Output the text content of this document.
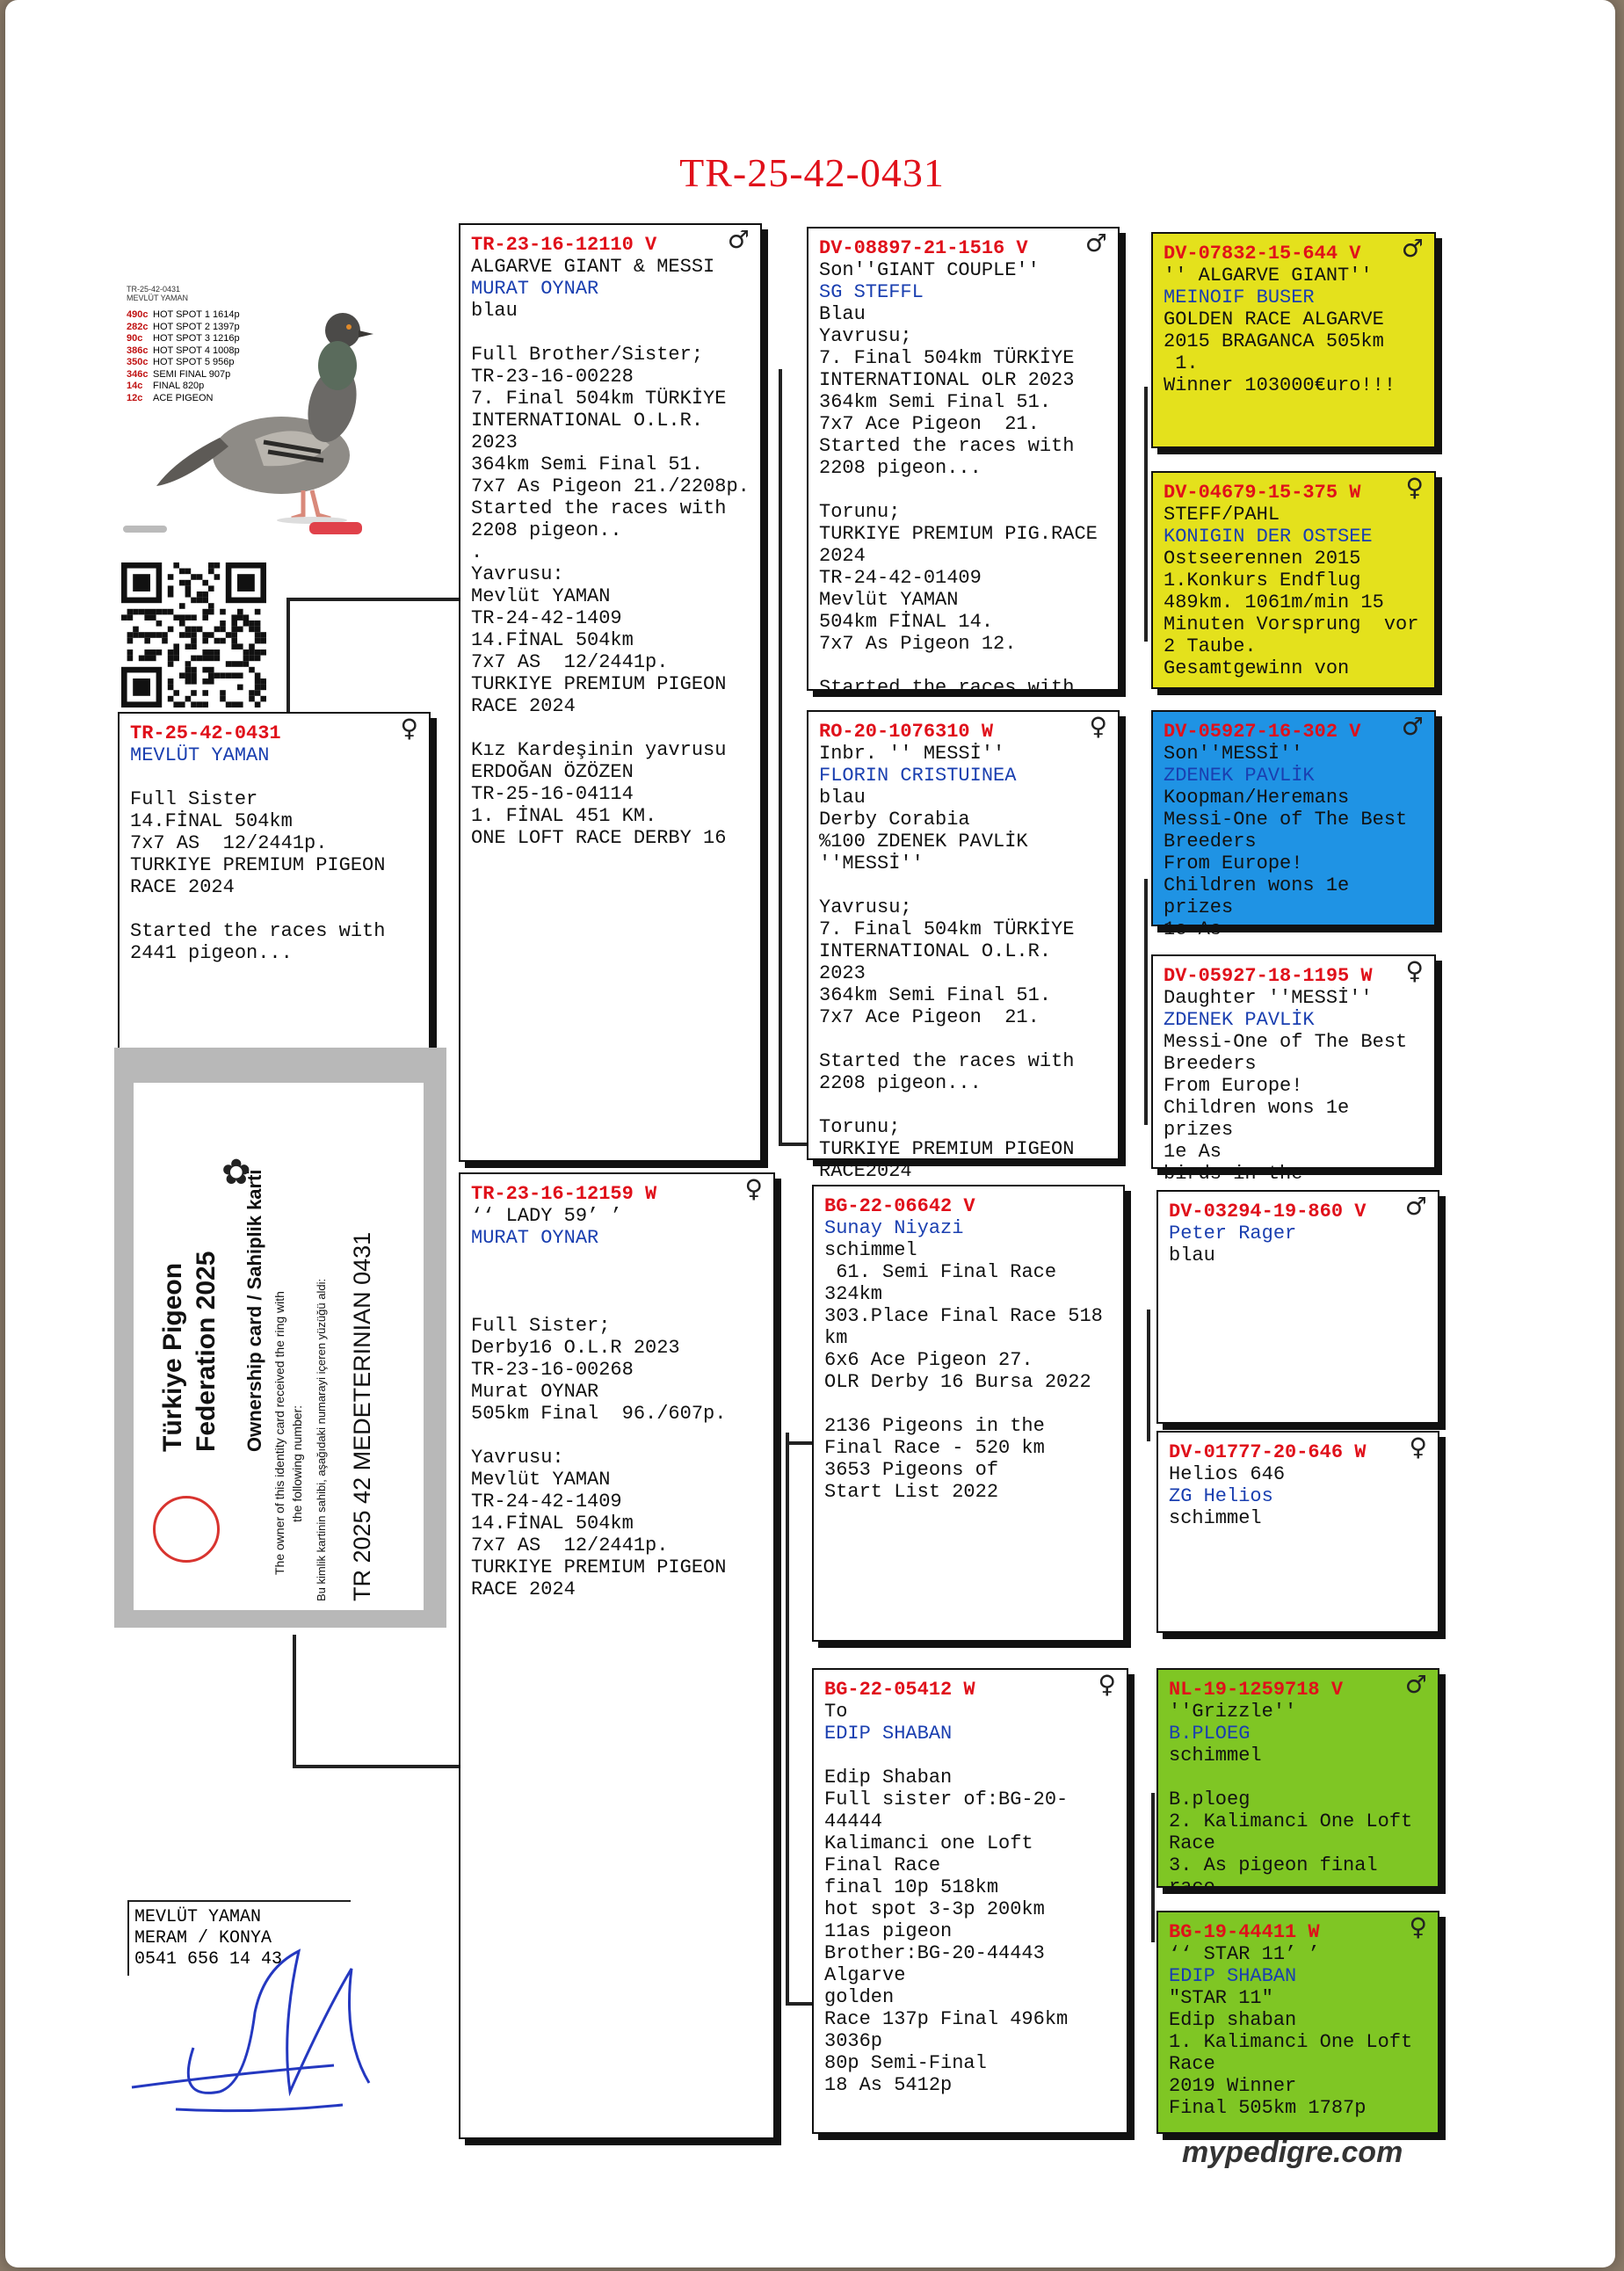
TR-25-42-0431
TR-25-42-0431
MEVLÜT YAMAN
490c HOT SPOT 1 1614p
282c HOT SPOT 2 1397p
90c HOT SPOT 3 1216p
386c HOT SPOT 4 1008p
350c HOT SPOT 5 956p
346c SEMI FINAL 907p
14c FINAL 820p
12c ACE PIGEON
TR-25-42-0431	♀
MEVLÜT YAMAN
Full Sister
14.FİNAL 504km
7x7 AS  12/2441p.
TURKIYE PREMIUM PIGEON
RACE 2024
Started the races with
2441 pigeon...
TR-23-16-12110 V	♂
ALGARVE GIANT & MESSI
MURAT OYNAR
blau
Full Brother/Sister;
TR-23-16-00228
7. Final 504km TÜRKİYE
INTERNATIONAL O.L.R. 2023
364km Semi Final 51.
7x7 As Pigeon 21./2208p.
Started the races with
2208 pigeon..
.
Yavrusu:
Mevlüt YAMAN
TR-24-42-1409
14.FİNAL 504km
7x7 AS  12/2441p.
TURKIYE PREMIUM PIGEON
RACE 2024
Kız Kardeşinin yavrusu
ERDOĞAN ÖZÖZEN
TR-25-16-04114
1. FİNAL 451 KM.
ONE LOFT RACE DERBY 16
TR-23-16-12159 W	♀
‘‘ LADY 59’ ’
MURAT OYNAR
Full Sister;
Derby16 O.L.R 2023
TR-23-16-00268
Murat OYNAR
505km Final  96./607p.
Yavrusu:
Mevlüt YAMAN
TR-24-42-1409
14.FİNAL 504km
7x7 AS  12/2441p.
TURKIYE PREMIUM PIGEON
RACE 2024
DV-08897-21-1516 V	♂
Son''GIANT COUPLE''
SG STEFFL
Blau
Yavrusu;
7. Final 504km TÜRKİYE
INTERNATIONAL OLR 2023
364km Semi Final 51.
7x7 Ace Pigeon  21.
Started the races with
2208 pigeon...
Torunu;
TURKIYE PREMIUM PIG.RACE 2024
TR-24-42-01409
Mevlüt YAMAN
504km FİNAL 14.
7x7 As Pigeon 12.
Started the races with
RO-20-1076310 W	♀
Inbr. '' MESSİ''
FLORIN CRISTUINEA
blau
Derby Corabia
%100 ZDENEK PAVLİK
''MESSİ''
Yavrusu;
7. Final 504km TÜRKİYE
INTERNATIONAL O.L.R. 2023
364km Semi Final 51.
7x7 Ace Pigeon  21.
Started the races with
2208 pigeon...
Torunu;
TURKIYE PREMIUM PIGEON
RACE2024
BG-22-06642 V
Sunay Niyazi
schimmel
61. Semi Final Race 324km
303.Place Final Race 518
km
6x6 Ace Pigeon 27.
OLR Derby 16 Bursa 2022
2136 Pigeons in the
Final Race - 520 km
3653 Pigeons of
Start List 2022
BG-22-05412 W	♀
To
EDIP SHABAN
Edip Shaban
Full sister of:BG-20-44444
Kalimanci one Loft
Final Race
final 10p 518km
hot spot 3-3p 200km
11as pigeon
Brother:BG-20-44443
Algarve
golden
Race 137p Final 496km
3036p
80p Semi-Final
18 As 5412p
DV-07832-15-644 V	♂
'' ALGARVE GIANT''
MEINOIF BUSER
GOLDEN RACE ALGARVE
2015 BRAGANCA 505km
1.
Winner 103000€uro!!!
DV-04679-15-375 W	♀
STEFF/PAHL
KONIGIN DER OSTSEE
Ostseerennen 2015
1.Konkurs Endflug
489km. 1061m/min 15
Minuten Vorsprung  vor
2 Taube.
Gesamtgewinn von
DV-05927-16-302 V	♂
Son''MESSİ''
ZDENEK PAVLİK
Koopman/Heremans
Messi-One of The Best
Breeders
From Europe!
Children wons 1e prizes
1e As
DV-05927-18-1195 W	♀
Daughter ''MESSİ''
ZDENEK PAVLİK
Messi-One of The Best
Breeders
From Europe!
Children wons 1e prizes
1e As
birds in the
DV-03294-19-860 V	♂
Peter Rager
blau
DV-01777-20-646 W	♀
Helios 646
ZG Helios
schimmel
NL-19-1259718 V	♂
''Grizzle''
B.PLOEG
schimmel
B.ploeg
2. Kalimanci One Loft
Race
3. As pigeon final race
BG-19-44411 W	♀
‘‘ STAR 11’ ’
EDIP SHABAN
"STAR 11"
Edip shaban
1. Kalimanci One Loft
Race
2019 Winner
Final 505km 1787p
Türkiye Pigeon Federation 2025 Ownership card / Sahiplik karti The owner of this identity card received the ring with the following number: Bu kimlik kartinin sahibi, aşağıdaki numarayi içeren yüzüğü aldi: TR 2025 42 MEDETERINIAN 0431
✿
MEVLÜT YAMAN
MERAM / KONYA
0541 656 14 43
mypedigre.com
